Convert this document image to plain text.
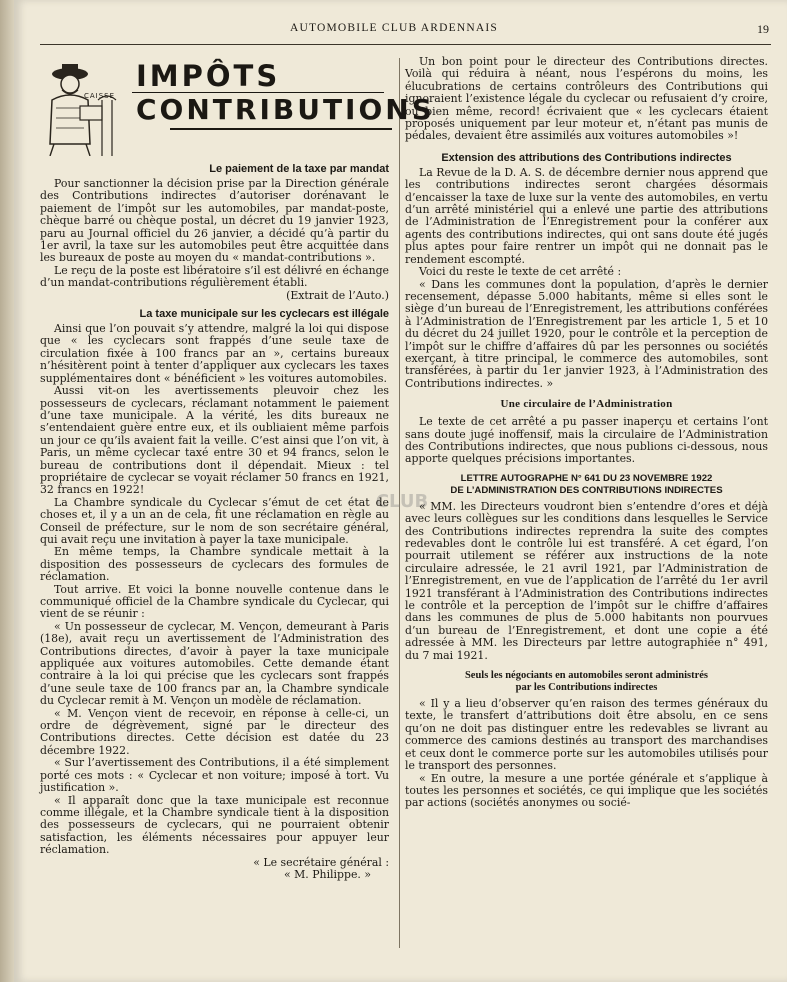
AUTOMOBILE CLUB ARDENNAIS	19
CLUB
CAISSE
IMPÔTS
CONTRIBUTIONS
Le paiement de la taxe par mandat

Pour sanctionner la décision prise par la Direction générale des Contributions indirectes d’autoriser dorénavant le paiement de l’impôt sur les automobiles, par mandat-poste, chèque barré ou chèque postal, un décret du 19 janvier 1923, paru au Journal officiel du 26 janvier, a décidé qu’à partir du 1er avril, la taxe sur les automobiles peut être acquittée dans les bureaux de poste au moyen du « mandat-contributions ».

Le reçu de la poste est libératoire s’il est délivré en échange d’un mandat-contributions régulièrement établi.

(Extrait de l’Auto.)

La taxe municipale sur les cyclecars est illégale

Ainsi que l’on pouvait s’y attendre, malgré la loi qui dispose que « les cyclecars sont frappés d’une seule taxe de circulation fixée à 100 francs par an », certains bureaux n’hésitèrent point à tenter d’appliquer aux cyclecars les taxes supplémentaires dont « bénéficient » les voitures automobiles.

Aussi vit-on les avertissements pleuvoir chez les possesseurs de cyclecars, réclamant notamment le paiement d’une taxe municipale. A la vérité, les dits bureaux ne s’entendaient guère entre eux, et ils oubliaient même parfois un jour ce qu’ils avaient fait la veille. C’est ainsi que l’on vit, à Paris, un même cyclecar taxé entre 30 et 94 francs, selon le bureau de contributions dont il dépendait. Mieux : tel propriétaire de cyclecar se voyait réclamer 50 francs en 1921, 32 francs en 1922!

La Chambre syndicale du Cyclecar s’émut de cet état de choses et, il y a un an de cela, fit une réclamation en règle au Conseil de préfecture, sur le nom de son secrétaire général, qui avait reçu une invitation à payer la taxe municipale.

En même temps, la Chambre syndicale mettait à la disposition des possesseurs de cyclecars des formules de réclamation.

Tout arrive. Et voici la bonne nouvelle contenue dans le communiqué officiel de la Chambre syndicale du Cyclecar, qui vient de se réunir :

« Un possesseur de cyclecar, M. Vençon, demeurant à Paris (18e), avait reçu un avertissement de l’Administration des Contributions directes, d’avoir à payer la taxe municipale appliquée aux voitures automobiles. Cette demande étant contraire à la loi qui précise que les cyclecars sont frappés d’une seule taxe de 100 francs par an, la Chambre syndicale du Cyclecar remit à M. Vençon un modèle de réclamation.

« M. Vençon vient de recevoir, en réponse à celle-ci, un ordre de dégrèvement, signé par le directeur des Contributions directes. Cette décision est datée du 23 décembre 1922.

« Sur l’avertissement des Contributions, il a été simplement porté ces mots : « Cyclecar et non voiture; imposé à tort. Vu justification ».

« Il apparaît donc que la taxe municipale est reconnue comme illégale, et la Chambre syndicale tient à la disposition des possesseurs de cyclecars, qui ne pourraient obtenir satisfaction, les éléments nécessaires pour appuyer leur réclamation.

« Le secrétaire général :

« M. Philippe. »

Un bon point pour le directeur des Contributions directes. Voilà qui réduira à néant, nous l’espérons du moins, les élucubrations de certains contrôleurs des Contributions qui ignoraient l’existence légale du cyclecar ou refusaient d’y croire, ou bien même, record! écrivaient que « les cyclecars étaient proposés uniquement par leur moteur et, n’étant pas munis de pédales, devaient être assimilés aux voitures automobiles »!

Extension des attributions des Contributions indirectes

La Revue de la D. A. S. de décembre dernier nous apprend que les contributions indirectes seront chargées désormais d’encaisser la taxe de luxe sur la vente des automobiles, en vertu d’un arrêté ministériel qui a enlevé une partie des attributions de l’Administration de l’Enregistrement pour la conférer aux agents des contributions indirectes, qui ont sans doute été jugés plus aptes pour faire rentrer un impôt qui ne donnait pas le rendement escompté.

Voici du reste le texte de cet arrêté :

« Dans les communes dont la population, d’après le dernier recensement, dépasse 5.000 habitants, même si elles sont le siège d’un bureau de l’Enregistrement, les attributions conférées à l’Administration de l’Enregistrement par les article 1, 5 et 10 du décret du 24 juillet 1920, pour le contrôle et la perception de l’impôt sur le chiffre d’affaires dû par les personnes ou sociétés exerçant, à titre principal, le commerce des automobiles, sont transférées, à partir du 1er janvier 1923, à l’Administration des Contributions indirectes. »

Une circulaire de l’Administration

Le texte de cet arrêté a pu passer inaperçu et certains l’ont sans doute jugé inoffensif, mais la circulaire de l’Administration des Contributions indirectes, que nous publions ci-dessous, nous apporte quelques précisions importantes.

LETTRE AUTOGRAPHE N° 641 DU 23 NOVEMBRE 1922
DE L’ADMINISTRATION DES CONTRIBUTIONS INDIRECTES

« MM. les Directeurs voudront bien s’entendre d’ores et déjà avec leurs collègues sur les conditions dans lesquelles le Service des Contributions indirectes reprendra la suite des comptes redevables dont le contrôle lui est transféré. A cet égard, l’on pourrait utilement se référer aux instructions de la note circulaire adressée, le 21 avril 1921, par l’Administration de l’Enregistrement, en vue de l’application de l’arrêté du 1er avril 1921 transférant à l’Administration des Contributions indirectes le contrôle et la perception de l’impôt sur le chiffre d’affaires dans les communes de plus de 5.000 habitants non pourvues d’un bureau de l’Enregistrement, et dont une copie a été adressée à MM. les Directeurs par lettre autographiée n° 491, du 7 mai 1921.

Seuls les négociants en automobiles seront administrés
par les Contributions indirectes

« Il y a lieu d’observer qu’en raison des termes généraux du texte, le transfert d’attributions doit être absolu, en ce sens qu’on ne doit pas distinguer entre les redevables se livrant au commerce des camions destinés au transport des marchandises et ceux dont le commerce porte sur les automobiles utilisés pour le transport des personnes.

« En outre, la mesure a une portée générale et s’applique à toutes les personnes et sociétés, ce qui implique que les sociétés par actions (sociétés anonymes ou socié-
